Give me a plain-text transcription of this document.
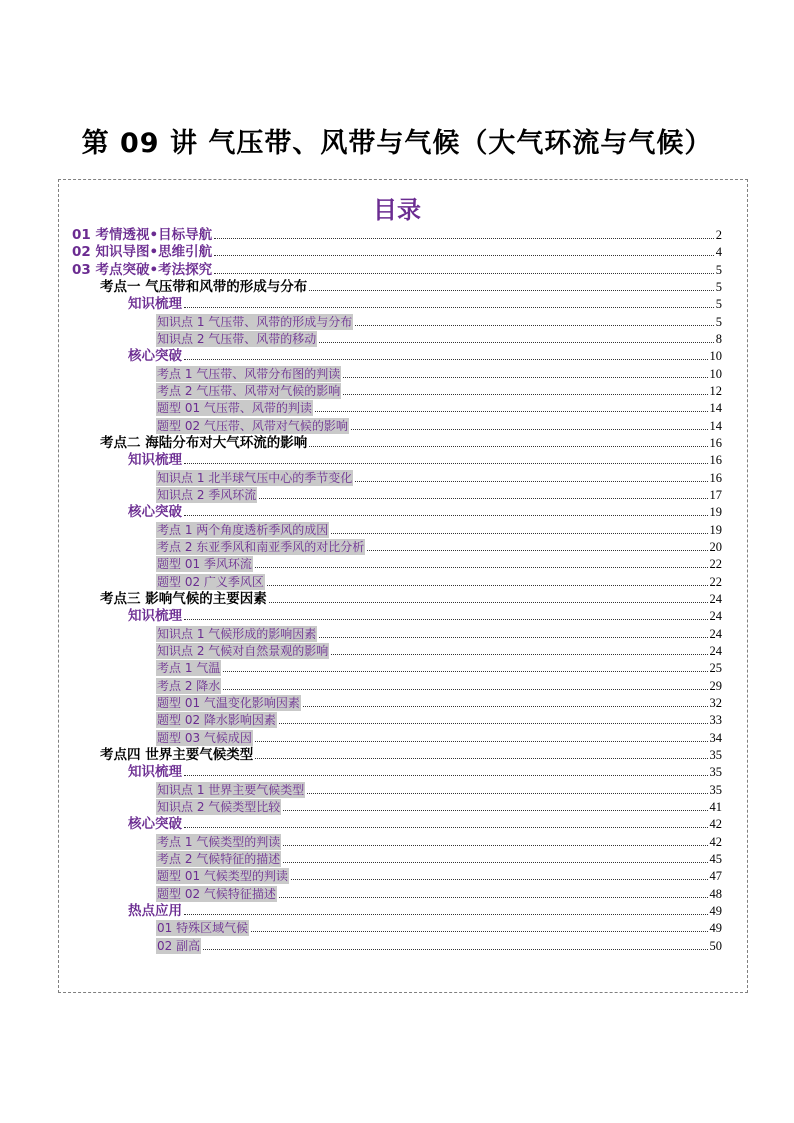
第 09 讲 气压带、风带与气候（大气环流与气候）
目录
01 考情透视•目标导航	2
02 知识导图•思维引航	4
03 考点突破•考法探究	5
考点一 气压带和风带的形成与分布	5
知识梳理	5
知识点 1 气压带、风带的形成与分布	5
知识点 2 气压带、风带的移动	8
核心突破	10
考点 1 气压带、风带分布图的判读	10
考点 2 气压带、风带对气候的影响	12
题型 01 气压带、风带的判读	14
题型 02 气压带、风带对气候的影响	14
考点二 海陆分布对大气环流的影响	16
知识梳理	16
知识点 1 北半球气压中心的季节变化	16
知识点 2 季风环流	17
核心突破	19
考点 1 两个角度透析季风的成因	19
考点 2 东亚季风和南亚季风的对比分析	20
题型 01 季风环流	22
题型 02 广义季风区	22
考点三 影响气候的主要因素	24
知识梳理	24
知识点 1 气候形成的影响因素	24
知识点 2 气候对自然景观的影响	24
考点 1 气温	25
考点 2 降水	29
题型 01 气温变化影响因素	32
题型 02 降水影响因素	33
题型 03 气候成因	34
考点四 世界主要气候类型	35
知识梳理	35
知识点 1 世界主要气候类型	35
知识点 2 气候类型比较	41
核心突破	42
考点 1 气候类型的判读	42
考点 2 气候特征的描述	45
题型 01 气候类型的判读	47
题型 02 气候特征描述	48
热点应用	49
01 特殊区域气候	49
02 副高	50
